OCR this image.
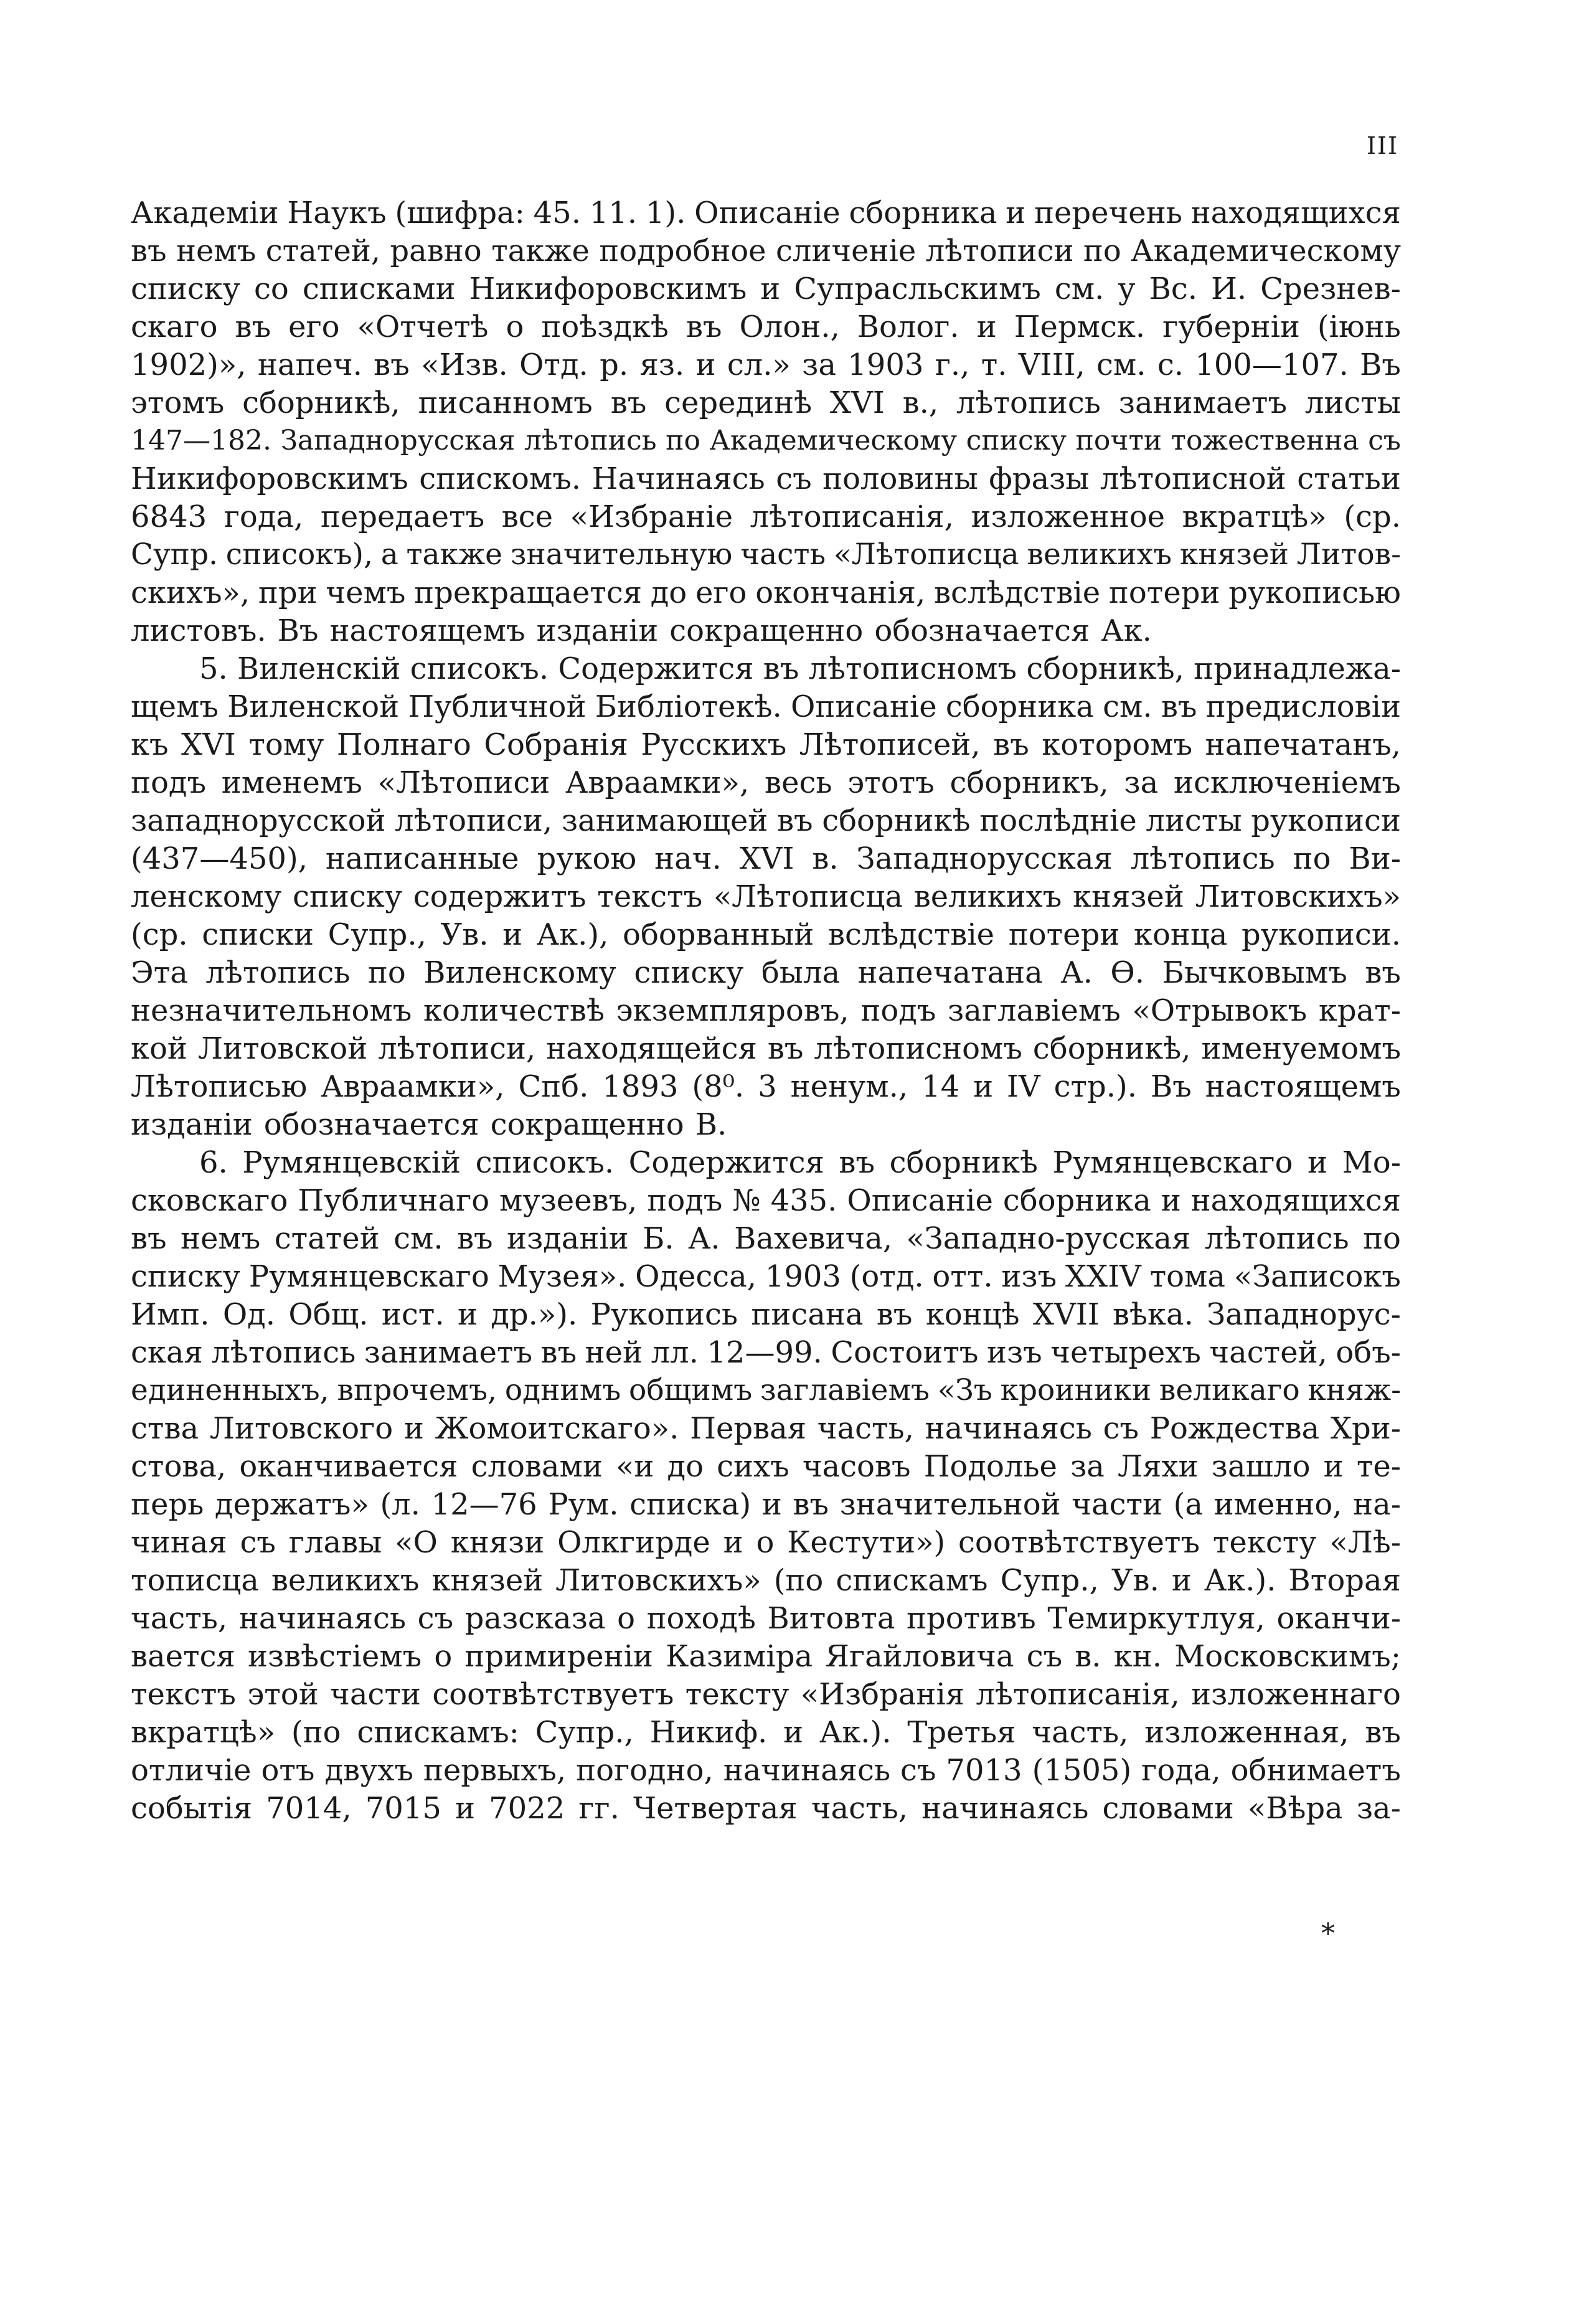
III
Академіи Наукъ (шифра: 45. 11. 1). Описаніе сборника и перечень находящихся
въ немъ статей, равно также подробное сличеніе лѣтописи по Академическому
списку со списками Никифоровскимъ и Супрасльскимъ см. у Вс. И. Срезнев-
скаго въ его «Отчетѣ о поѣздкѣ въ Олон., Волог. и Пермск. губерніи (іюнь
1902)», напеч. въ «Изв. Отд. р. яз. и сл.» за 1903 г., т. VIII, см. с. 100—107. Въ
этомъ сборникѣ, писанномъ въ серединѣ XVI в., лѣтопись занимаетъ листы
147—182. Западнорусская лѣтопись по Академическому списку почти тожественна съ
Никифоровскимъ спискомъ. Начинаясь съ половины фразы лѣтописной статьи
6843 года, передаетъ все «Избраніе лѣтописанія, изложенное вкратцѣ» (ср.
Супр. списокъ), а также значительную часть «Лѣтописца великихъ князей Литов-
скихъ», при чемъ прекращается до его окончанія, вслѣдствіе потери рукописью
листовъ. Въ настоящемъ изданіи сокращенно обозначается Ак.
5. Виленскій списокъ. Содержится въ лѣтописномъ сборникѣ, принадлежа-
щемъ Виленской Публичной Библіотекѣ. Описаніе сборника см. въ предисловіи
къ XVI тому Полнаго Собранія Русскихъ Лѣтописей, въ которомъ напечатанъ,
подъ именемъ «Лѣтописи Авраамки», весь этотъ сборникъ, за исключеніемъ
западнорусской лѣтописи, занимающей въ сборникѣ послѣдніе листы рукописи
(437—450), написанные рукою нач. XVI в. Западнорусская лѣтопись по Ви-
ленскому списку содержитъ текстъ «Лѣтописца великихъ князей Литовскихъ»
(ср. списки Супр., Ув. и Ак.), оборванный вслѣдствіе потери конца рукописи.
Эта лѣтопись по Виленскому списку была напечатана А. Ѳ. Бычковымъ въ
незначительномъ количествѣ экземпляровъ, подъ заглавіемъ «Отрывокъ крат-
кой Литовской лѣтописи, находящейся въ лѣтописномъ сборникѣ, именуемомъ
Лѣтописью Авраамки», Спб. 1893 (8⁰. 3 ненум., 14 и IV стр.). Въ настоящемъ
изданіи обозначается сокращенно В.
6. Румянцевскій списокъ. Содержится въ сборникѣ Румянцевскаго и Мо-
сковскаго Публичнаго музеевъ, подъ № 435. Описаніе сборника и находящихся
въ немъ статей см. въ изданіи Б. А. Вахевича, «Западно-русская лѣтопись по
списку Румянцевскаго Музея». Одесса, 1903 (отд. отт. изъ XXIV тома «Записокъ
Имп. Од. Общ. ист. и др.»). Рукопись писана въ концѣ XVII вѣка. Западнорус-
ская лѣтопись занимаетъ въ ней лл. 12—99. Состоитъ изъ четырехъ частей, объ-
единенныхъ, впрочемъ, однимъ общимъ заглавіемъ «Зъ кроиники великаго княж-
ства Литовского и Жомоитскаго». Первая часть, начинаясь съ Рождества Хри-
стова, оканчивается словами «и до сихъ часовъ Подолье за Ляхи зашло и те-
перь держатъ» (л. 12—76 Рум. списка) и въ значительной части (а именно, на-
чиная съ главы «О князи Олкгирде и о Кестути») соотвѣтствуетъ тексту «Лѣ-
тописца великихъ князей Литовскихъ» (по спискамъ Супр., Ув. и Ак.). Вторая
часть, начинаясь съ разсказа о походѣ Витовта противъ Темиркутлуя, оканчи-
вается извѣстіемъ о примиреніи Казиміра Ягайловича съ в. кн. Московскимъ;
текстъ этой части соотвѣтствуетъ тексту «Избранія лѣтописанія, изложеннаго
вкратцѣ» (по спискамъ: Супр., Никиф. и Ак.). Третья часть, изложенная, въ
отличіе отъ двухъ первыхъ, погодно, начинаясь съ 7013 (1505) года, обнимаетъ
событія 7014, 7015 и 7022 гг. Четвертая часть, начинаясь словами «Вѣра за-
*
